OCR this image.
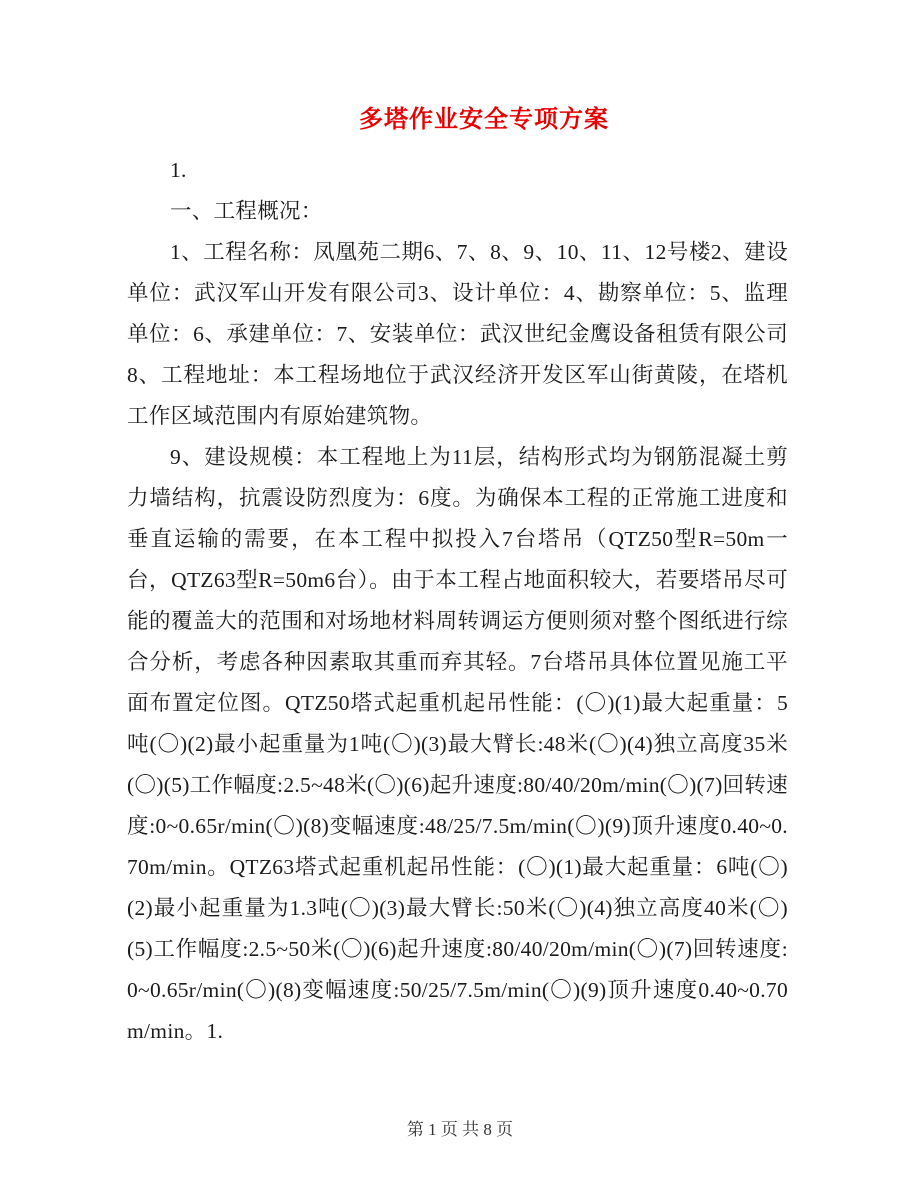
多塔作业安全专项方案

1.

一、工程概况：

1、工程名称：凤凰苑二期6、7、8、9、10、11、12号楼2、建设单位：武汉军山开发有限公司3、设计单位：4、勘察单位：5、监理单位：6、承建单位：7、安装单位：武汉世纪金鹰设备租赁有限公司8、工程地址：本工程场地位于武汉经济开发区军山街黄陵，在塔机工作区域范围内有原始建筑物。

9、建设规模：本工程地上为11层，结构形式均为钢筋混凝土剪力墙结构，抗震设防烈度为：6度。为确保本工程的正常施工进度和垂直运输的需要，在本工程中拟投入7台塔吊（QTZ50型R=50m一台，QTZ63型R=50m6台）。由于本工程占地面积较大，若要塔吊尽可能的覆盖大的范围和对场地材料周转调运方便则须对整个图纸进行综合分析，考虑各种因素取其重而弃其轻。7台塔吊具体位置见施工平面布置定位图。QTZ50塔式起重机起吊性能：(〇)(1)最大起重量：5吨(〇)(2)最小起重量为1吨(〇)(3)最大臂长:48米(〇)(4)独立高度35米(〇)(5)工作幅度:2.5~48米(〇)(6)起升速度:80/40/20m/min(〇)(7)回转速度:0~0.65r/min(〇)(8)变幅速度:48/25/7.5m/min(〇)(9)顶升速度0.40~0.70m/min。QTZ63塔式起重机起吊性能：(〇)(1)最大起重量：6吨(〇)(2)最小起重量为1.3吨(〇)(3)最大臂长:50米(〇)(4)独立高度40米(〇)(5)工作幅度:2.5~50米(〇)(6)起升速度:80/40/20m/min(〇)(7)回转速度:0~0.65r/min(〇)(8)变幅速度:50/25/7.5m/min(〇)(9)顶升速度0.40~0.70m/min。1.

第 1 页 共 8 页
